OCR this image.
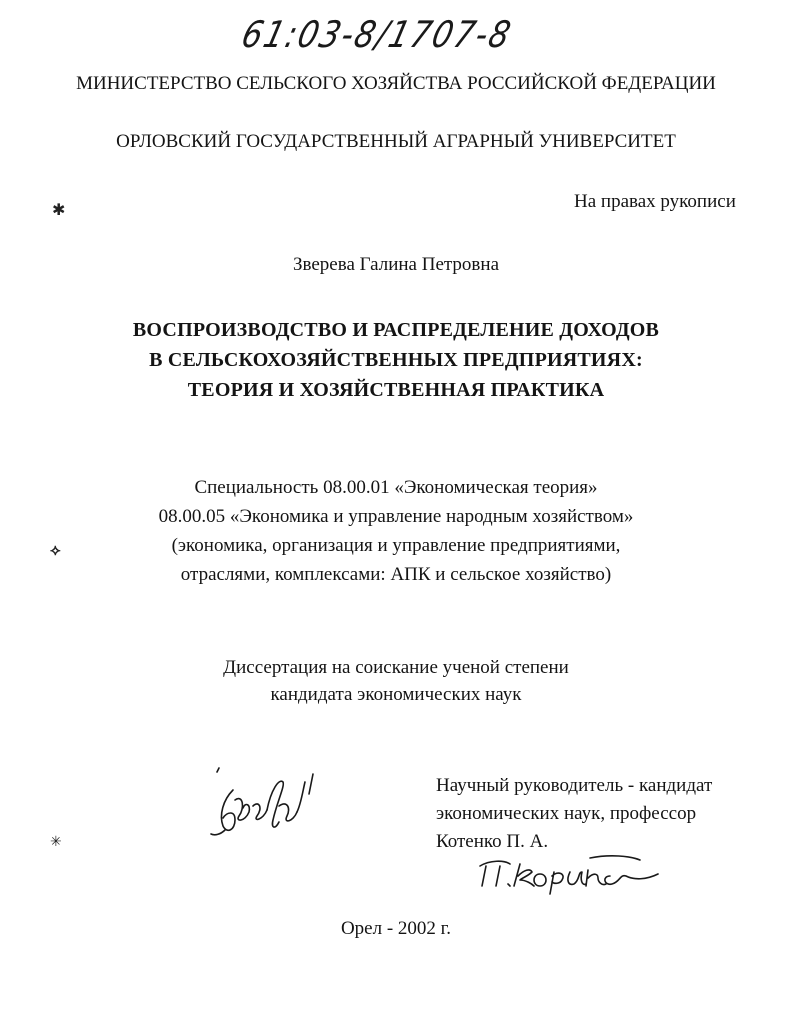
61:03-8/1707-8
МИНИСТЕРСТВО СЕЛЬСКОГО ХОЗЯЙСТВА РОССИЙСКОЙ ФЕДЕРАЦИИ
ОРЛОВСКИЙ ГОСУДАРСТВЕННЫЙ АГРАРНЫЙ УНИВЕРСИТЕТ
На правах рукописи
✱
Зверева Галина Петровна
ВОСПРОИЗВОДСТВО И РАСПРЕДЕЛЕНИЕ ДОХОДОВ
В СЕЛЬСКОХОЗЯЙСТВЕННЫХ ПРЕДПРИЯТИЯХ:
ТЕОРИЯ И ХОЗЯЙСТВЕННАЯ ПРАКТИКА
Специальность 08.00.01 «Экономическая теория»
08.00.05 «Экономика и управление народным хозяйством»
(экономика, организация и управление предприятиями,
отраслями, комплексами: АПК и сельское хозяйство)
⟡
Диссертация на соискание ученой степени
кандидата экономических наук
Научный руководитель - кандидат
экономических наук, профессор
Котенко П. А.
✳
Орел - 2002 г.
